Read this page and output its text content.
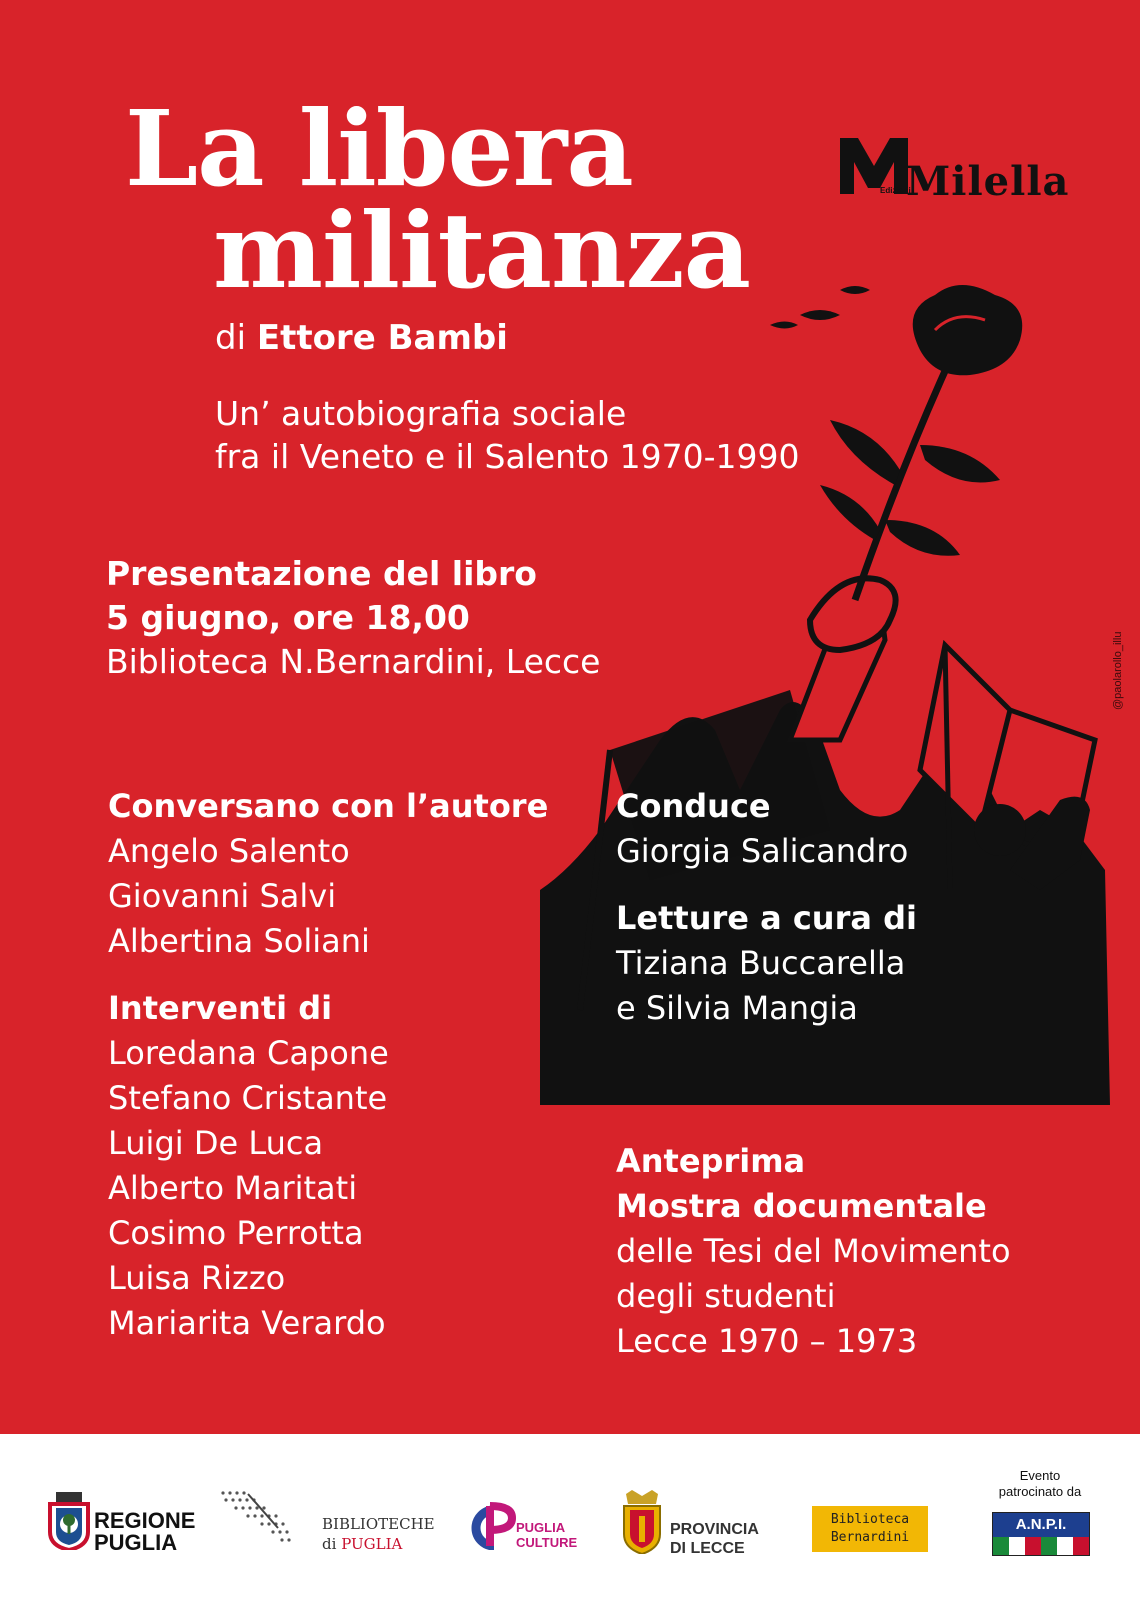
La libera
militanza
Milella
Edizioni
di Ettore Bambi
Un’ autobiografia sociale
fra il Veneto e il Salento 1970-1990
Presentazione del libro
5 giugno, ore 18,00
Biblioteca N.Bernardini, Lecce
Conversano con l’autore
Angelo Salento
Giovanni Salvi
Albertina Soliani
Interventi di
Loredana Capone
Stefano Cristante
Luigi De Luca
Alberto Maritati
Cosimo Perrotta
Luisa Rizzo
Mariarita Verardo
Conduce
Giorgia Salicandro
Letture a cura di
Tiziana Buccarella
e Silvia Mangia
Anteprima
Mostra documentale
delle Tesi del Movimento
degli studenti
Lecce 1970 – 1973
@paolarollo_illu
REGIONE
PUGLIA
BIBLIOTECHE
di PUGLIA
PUGLIA
CULTURE
PROVINCIA
DI LECCE
Biblioteca
Bernardini
Evento
patrocinato da
A.N.P.I.
